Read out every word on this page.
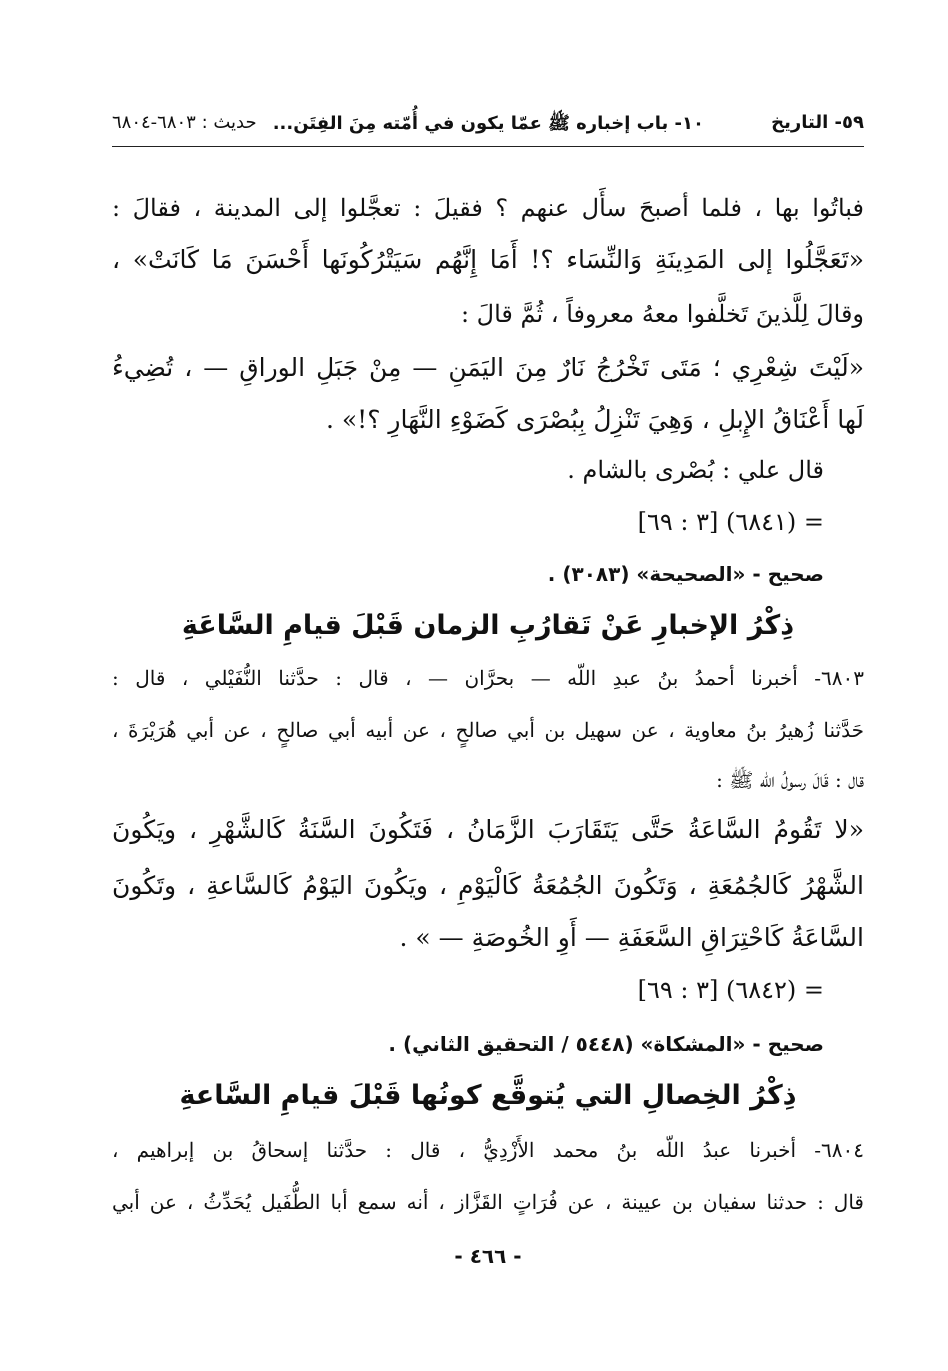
٥٩- التاريخ
١٠- باب إخباره ﷺ عمّا يكون في أُمّته مِنَ الفِتَن...
حديث : ٦٨٠٣-٦٨٠٤
فباتُوا بها ، فلما أصبحَ سأَل عنهم ؟ فقيلَ : تعجَّلوا إلى المدينة ، فقالَ :
«تَعَجَّلُوا إلى المَدِينَةِ وَالنِّسَاء ؟! أَمَا إِنَّهُم سَيَتْرُكُونَها أَحْسَنَ مَا كَانَتْ» ،
وقالَ لِلَّذينَ تَخلَّفوا معهُ معروفاً ، ثُمَّ قالَ :
«لَيْتَ شِعْرِي ؛ مَتَى تَخْرُجُ نَارٌ مِنَ اليَمَنِ — مِنْ جَبَلِ الوراقِ — ، تُضِيءُ
لَها أَعْنَاقُ الإِبلِ ، وَهِيَ تَنْزِلُ بِبُصْرَى كَضَوْءِ النَّهَارِ ؟!» .
قال علي : بُصْرى بالشام .
= (٦٨٤١) [٣ : ٦٩]
صحيح - «الصحيحة» (٣٠٨٣) .
ذِكْرُ الإخبارِ عَنْ تَقارُبِ الزمان قَبْلَ قيامِ السَّاعَةِ
٦٨٠٣- أخبرنا أحمدُ بنُ عبدِ اللّه — بحرَّان — ، قال : حدَّثنا النُّفَيْلي ، قال :
حَدَّثنا زُهيرُ بنُ معاوية ، عن سهيل بن أبي صالحٍ ، عن أبيه أبي صالحٍ ، عن أبي هُرَيْرَةَ ،
قال : قَالَ رسولُ اللّه ﷺ :
«لا تَقُومُ السَّاعَةُ حَتَّى يَتَقَارَبَ الزَّمَانُ ، فَتَكُونَ السَّنَةُ كَالشَّهْرِ ، ويَكُونَ
الشَّهْرُ كَالجُمُعَةِ ، وَتَكُونَ الجُمُعَةُ كَالْيَوْمِ ، ويَكُونَ اليَوْمُ كَالسَّاعةِ ، وتَكُونَ
السَّاعَةُ كَاحْتِرَاقِ السَّعَفَةِ — أَوِ الخُوصَةِ — » .
= (٦٨٤٢) [٣ : ٦٩]
صحيح - «المشكاة» (٥٤٤٨ / التحقيق الثاني) .
ذِكْرُ الخِصالِ التي يُتوقَّع كونُها قَبْلَ قيامِ السَّاعةِ
٦٨٠٤- أخبرنا عبدُ اللّه بنُ محمد الأَزْدِيُّ ، قال : حدَّثنا إسحاقُ بن إبراهيم ،
قال : حدثنا سفيان بن عيينة ، عن فُرَاتٍ القَزَّاز ، أنه سمع أبا الطُّفَيل يُحَدِّثُ ، عن أبي
- ٤٦٦ -
